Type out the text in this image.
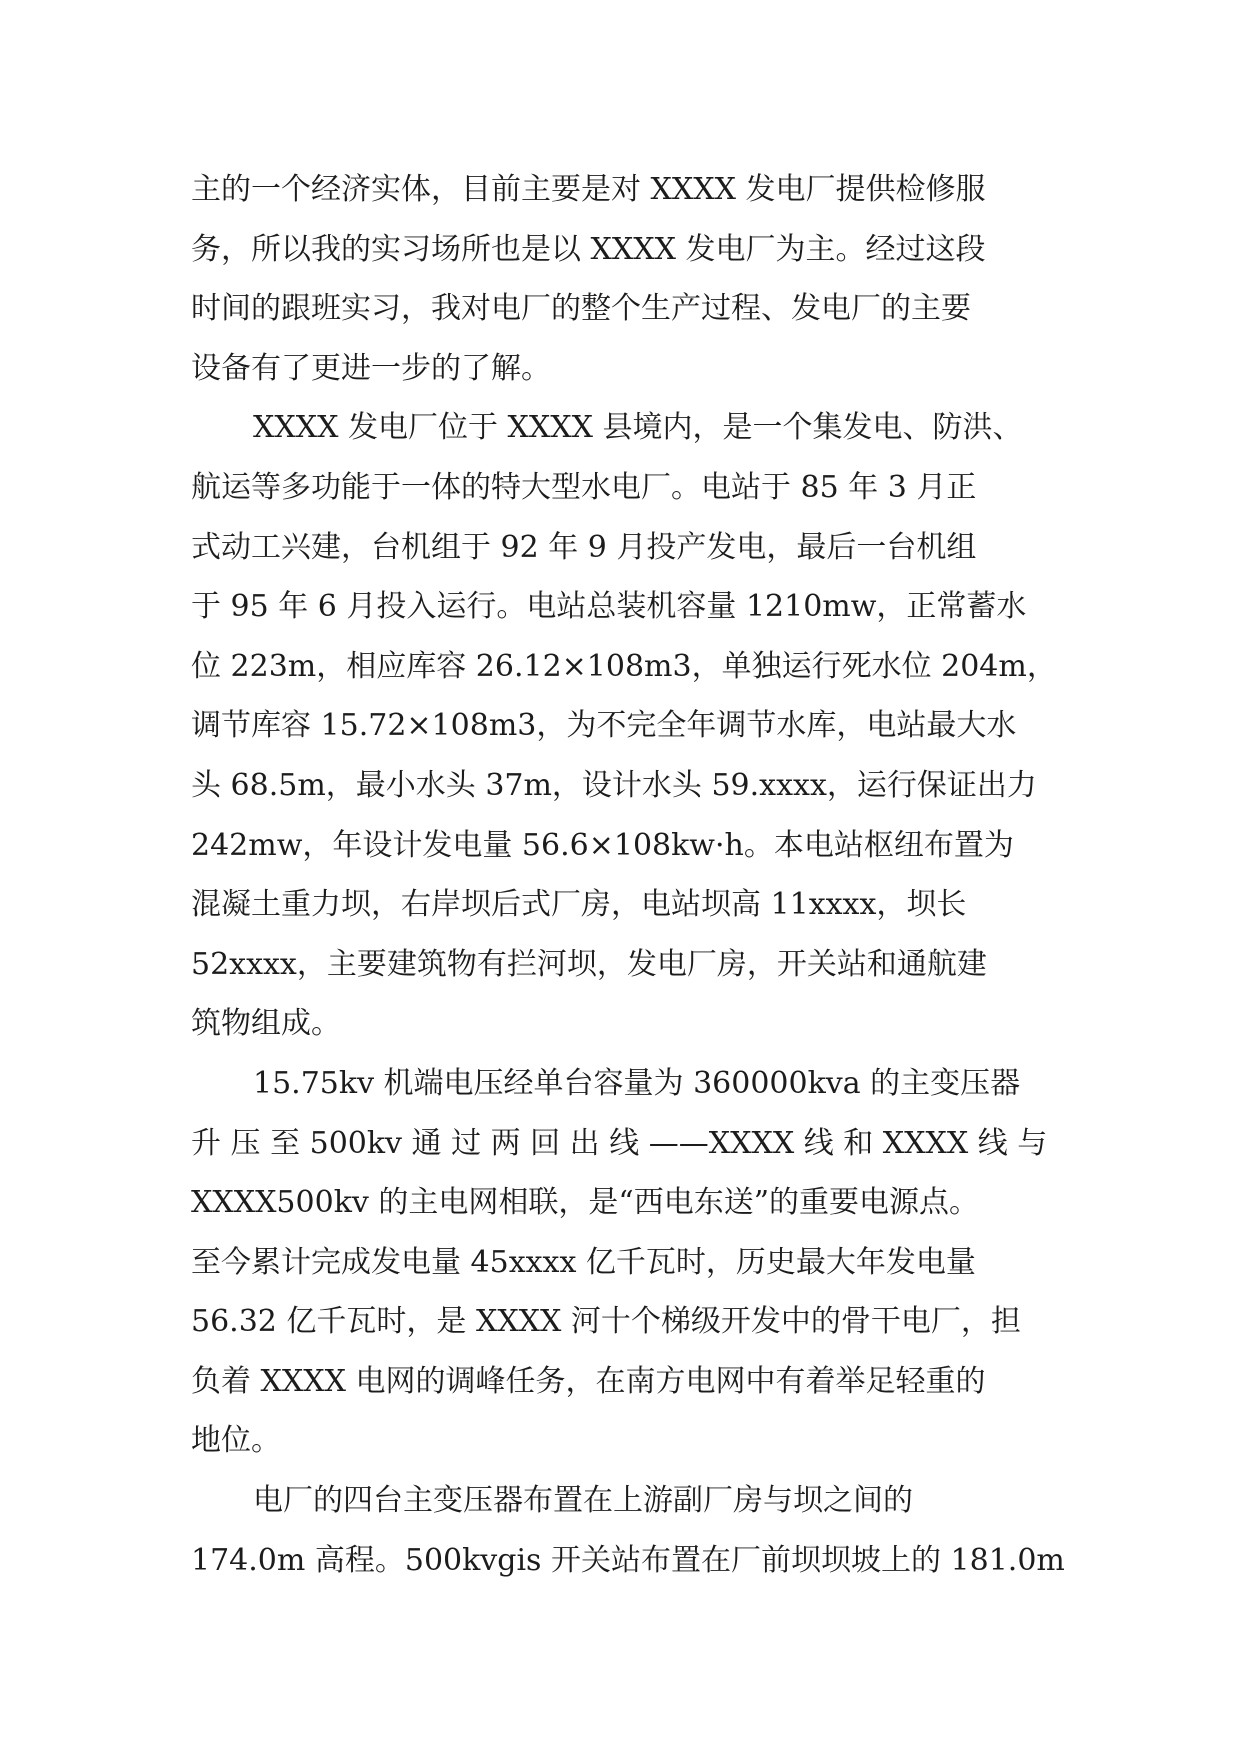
主的一个经济实体，目前主要是对 XXXX 发电厂提供检修服
务，所以我的实习场所也是以 XXXX 发电厂为主。经过这段
时间的跟班实习，我对电厂的整个生产过程、发电厂的主要
设备有了更进一步的了解。
XXXX 发电厂位于 XXXX 县境内，是一个集发电、防洪、
航运等多功能于一体的特大型水电厂。电站于 85 年 3 月正
式动工兴建，台机组于 92 年 9 月投产发电，最后一台机组
于 95 年 6 月投入运行。电站总装机容量 1210mw，正常蓄水
位 223m，相应库容 26.12×108m3，单独运行死水位 204m，
调节库容 15.72×108m3，为不完全年调节水库，电站最大水
头 68.5m，最小水头 37m，设计水头 59.xxxx，运行保证出力
242mw，年设计发电量 56.6×108kw·h。本电站枢纽布置为
混凝土重力坝，右岸坝后式厂房，电站坝高 11xxxx，坝长
52xxxx，主要建筑物有拦河坝，发电厂房，开关站和通航建
筑物组成。
15.75kv 机端电压经单台容量为 360000kva 的主变压器
升 压 至 500kv 通 过 两 回 出 线 ——XXXX 线 和 XXXX 线 与
XXXX500kv 的主电网相联，是“西电东送”的重要电源点。
至今累计完成发电量 45xxxx 亿千瓦时，历史最大年发电量
56.32 亿千瓦时，是 XXXX 河十个梯级开发中的骨干电厂，担
负着 XXXX 电网的调峰任务，在南方电网中有着举足轻重的
地位。
电厂的四台主变压器布置在上游副厂房与坝之间的
174.0m 高程。500kvgis 开关站布置在厂前坝坝坡上的 181.0m
